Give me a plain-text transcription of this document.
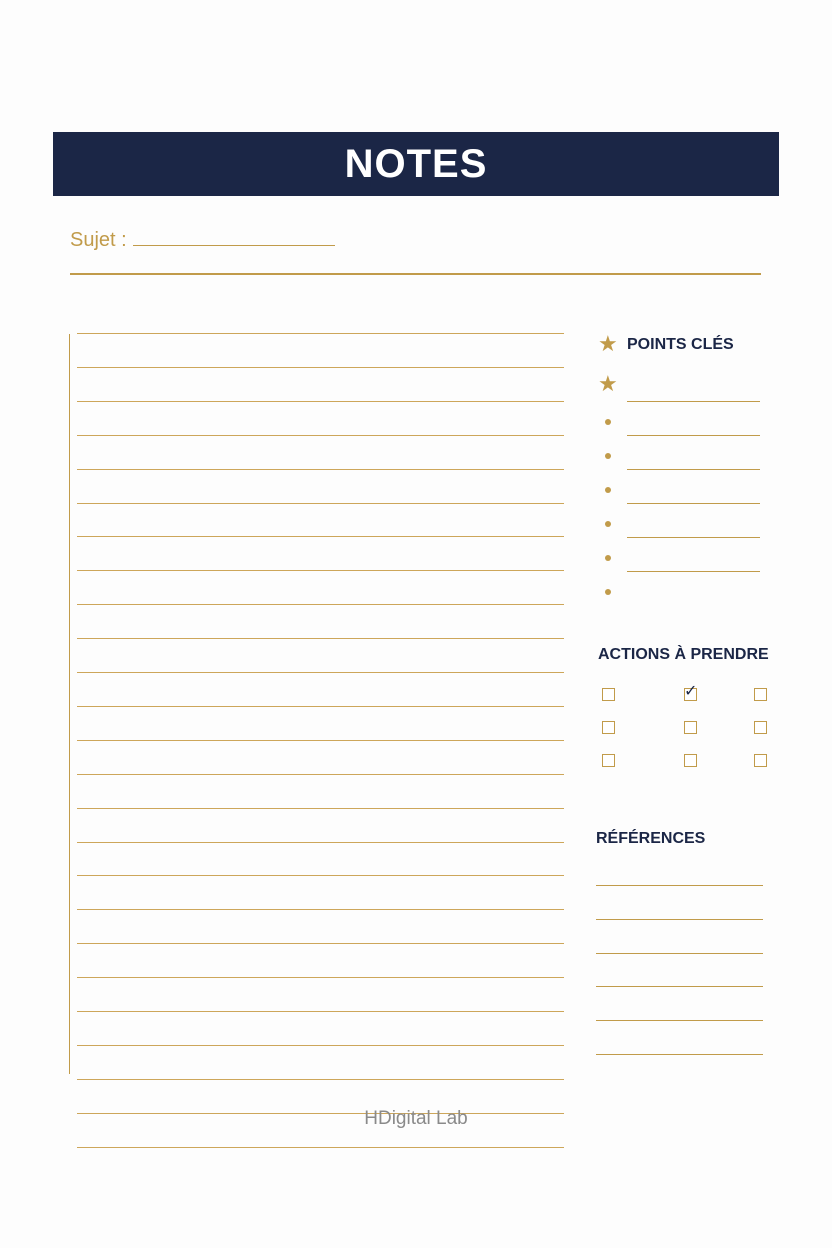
NOTES
Sujet :
★ POINTS CLÉS
★
ACTIONS À PRENDRE
✓
RÉFÉRENCES
HDigital Lab
